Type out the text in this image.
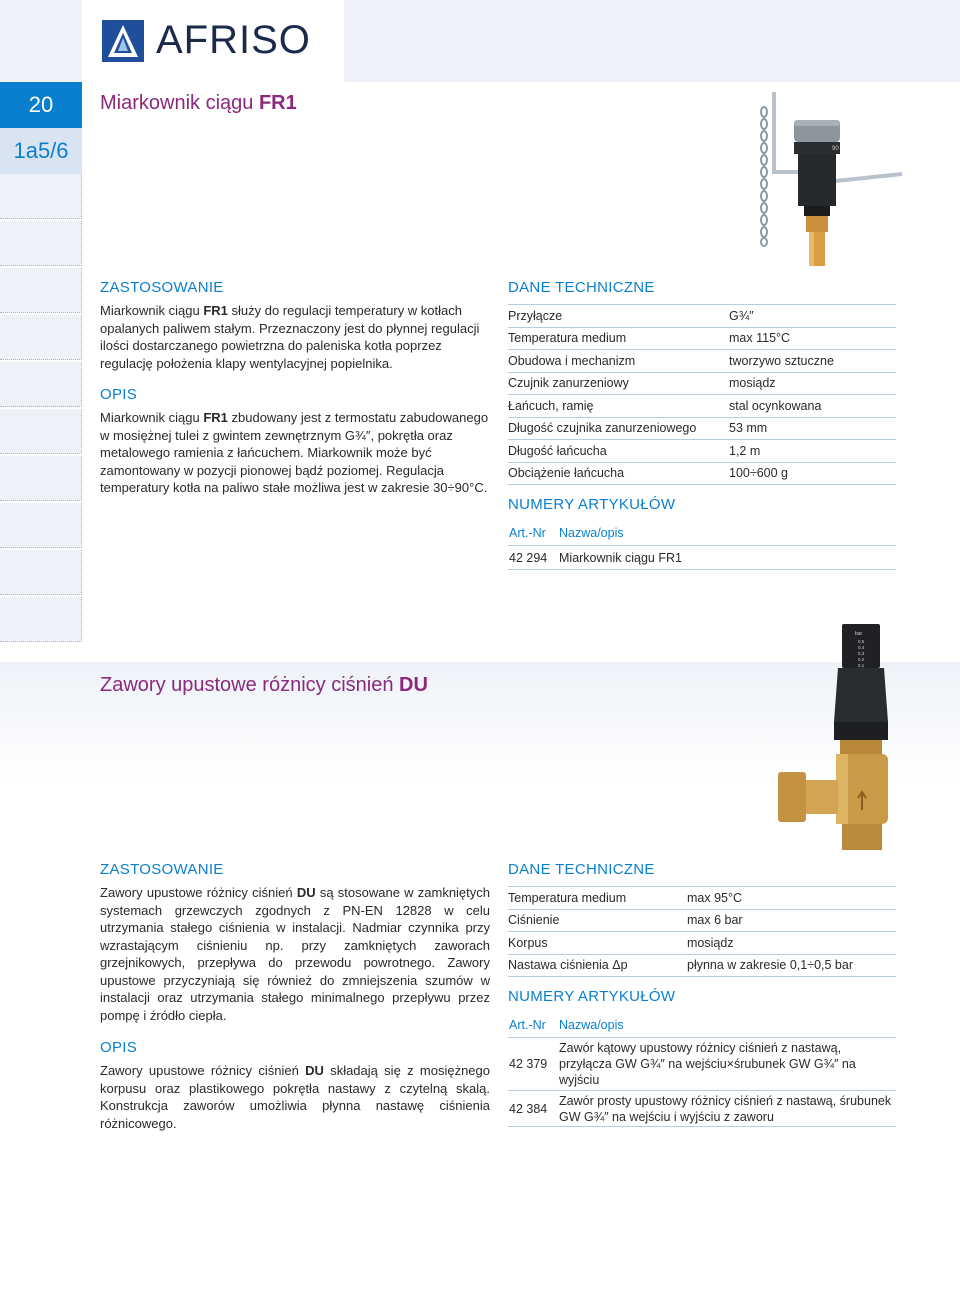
AFRISO
20
1a5/6
Miarkownik ciągu FR1
90
ZASTOSOWANIE

Miarkownik ciągu FR1 służy do regulacji temperatury w kotłach opalanych paliwem stałym. Przeznaczony jest do płynnej regulacji ilości dostarczanego powietrzna do paleniska kotła poprzez regulację położenia klapy wentylacyjnej popielnika.

OPIS

Miarkownik ciągu FR1 zbudowany jest z termostatu zabudowanego w mosiężnej tulei z gwintem zewnętrznym G¾″, pokrętła oraz metalowego ramienia z łańcuchem. Miarkownik może być zamontowany w pozycji pionowej bądź poziomej. Regulacja temperatury kotła na paliwo stałe możliwa jest w zakresie 30÷90°C.

DANE TECHNICZNE
Przyłącze	G¾″
Temperatura medium	max 115°C
Obudowa i mechanizm	tworzywo sztuczne
Czujnik zanurzeniowy	mosiądz
Łańcuch, ramię	stal ocynkowana
Długość czujnika zanurzeniowego	53 mm
Długość łańcucha	1,2 m
Obciążenie łańcucha	100÷600 g
NUMERY ARTYKUŁÓW
Art.-Nr	Nazwa/opis
42 294	Miarkownik ciągu FR1
Zawory upustowe różnicy ciśnień DU
bar
0,5
0,4
0,3
0,2
0,1
ZASTOSOWANIE

Zawory upustowe różnicy ciśnień DU są stosowane w zamkniętych systemach grzewczych zgodnych z PN-EN 12828 w celu utrzymania stałego ciśnienia w instalacji. Nadmiar czynnika przy wzrastającym ciśnieniu np. przy zamkniętych zaworach grzejnikowych, przepływa do przewodu powrotnego. Zawory upustowe przyczyniają się również do zmniejszenia szumów w instalacji oraz utrzymania stałego minimalnego przepływu przez pompę i źródło ciepła.

OPIS

Zawory upustowe różnicy ciśnień DU składają się z mosiężnego korpusu oraz plastikowego pokrętła nastawy z czytelną skalą. Konstrukcja zaworów umożliwia płynna nastawę ciśnienia różnicowego.

DANE TECHNICZNE
Temperatura medium	max 95°C
Ciśnienie	max 6 bar
Korpus	mosiądz
Nastawa ciśnienia Δp	płynna w zakresie 0,1÷0,5 bar
NUMERY ARTYKUŁÓW
Art.-Nr	Nazwa/opis
42 379	Zawór kątowy upustowy różnicy ciśnień z nastawą, przyłącza GW G¾″ na wejściu×śrubunek GW G¾″ na wyjściu
42 384	Zawór prosty upustowy różnicy ciśnień z nastawą, śrubunek GW G¾″ na wejściu i wyjściu z zaworu
